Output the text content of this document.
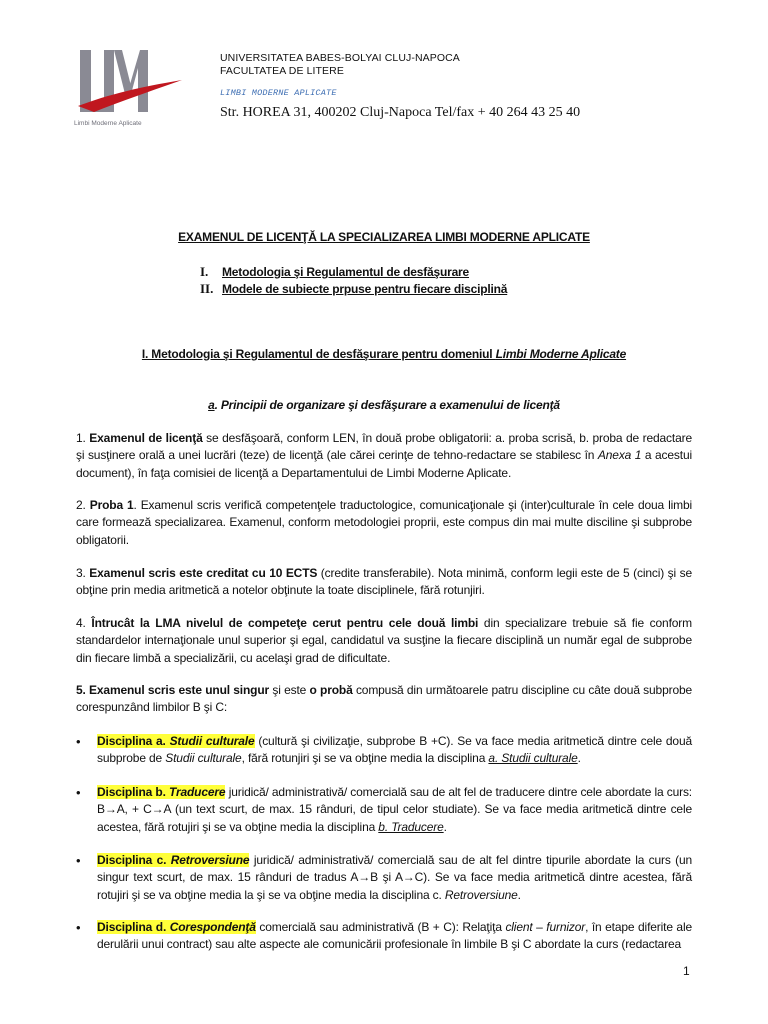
Limbi Moderne Aplicate
UNIVERSITATEA BABES-BOLYAI CLUJ-NAPOCA
FACULTATEA DE LITERE
LIMBI MODERNE APLICATE
Str. HOREA 31, 400202 Cluj-Napoca Tel/fax + 40 264 43 25 40
EXAMENUL DE LICENŢĂ LA SPECIALIZAREA LIMBI MODERNE APLICATE
I. Metodologia şi Regulamentul de desfăşurare
II. Modele de subiecte prpuse pentru fiecare disciplină
I. Metodologia şi Regulamentul de desfăşurare pentru domeniul Limbi Moderne Aplicate
a. Principii de organizare şi desfăşurare a examenului de licenţă
1. Examenul de licenţă se desfăşoară, conform LEN, în două probe obligatorii: a. proba scrisă, b. proba de redactare şi susţinere orală a unei lucrări (teze) de licenţă (ale cărei cerinţe de tehno-redactare se stabilesc în Anexa 1 a acestui document), în faţa comisiei de licenţă a Departamentului de Limbi Moderne Aplicate.
2. Proba 1. Examenul scris verifică competenţele traductologice, comunicaţionale şi (inter)culturale în cele doua limbi care formează specializarea. Examenul, conform metodologiei proprii, este compus din mai multe disciline şi subprobe obligatorii.
3. Examenul scris este creditat cu 10 ECTS (credite transferabile). Nota minimă, conform legii este de 5 (cinci) şi se obţine prin media aritmetică a notelor obţinute la toate disciplinele, fără rotunjiri.
4. Întrucât la LMA nivelul de competeţe cerut pentru cele două limbi din specializare trebuie să fie conform standardelor internaţionale unul superior şi egal, candidatul va susţine la fiecare disciplină un număr egal de subprobe din fiecare limbă a specializării, cu acelaşi grad de dificultate.
5. Examenul scris este unul singur şi este o probă compusă din următoarele patru discipline cu câte două subprobe corespunzând limbilor B şi C:
• Disciplina a. Studii culturale (cultură şi civilizaţie, subprobe B +C). Se va face media aritmetică dintre cele două subprobe de Studii culturale, fără rotunjiri şi se va obţine media la disciplina a. Studii culturale.
• Disciplina b. Traducere juridică/ administrativă/ comercială sau de alt fel de traducere dintre cele abordate la curs: B→A, + C→A (un text scurt, de max. 15 rânduri, de tipul celor studiate). Se va face media aritmetică dintre cele acestea, fără rotujiri şi se va obţine media la disciplina b. Traducere.
• Disciplina c. Retroversiune juridică/ administrativă/ comercială sau de alt fel dintre tipurile abordate la curs (un singur text scurt, de max. 15 rânduri de tradus A→B şi A→C). Se va face media aritmetică dintre acestea, fără rotujiri şi se va obţine media la şi se va obţine media la disciplina c. Retroversiune.
• Disciplina d. Corespondenţă comercială sau administrativă (B + C): Relaţiţa client – furnizor, în etape diferite ale derulării unui contract) sau alte aspecte ale comunicării profesionale în limbile B şi C abordate la curs (redactarea
1
